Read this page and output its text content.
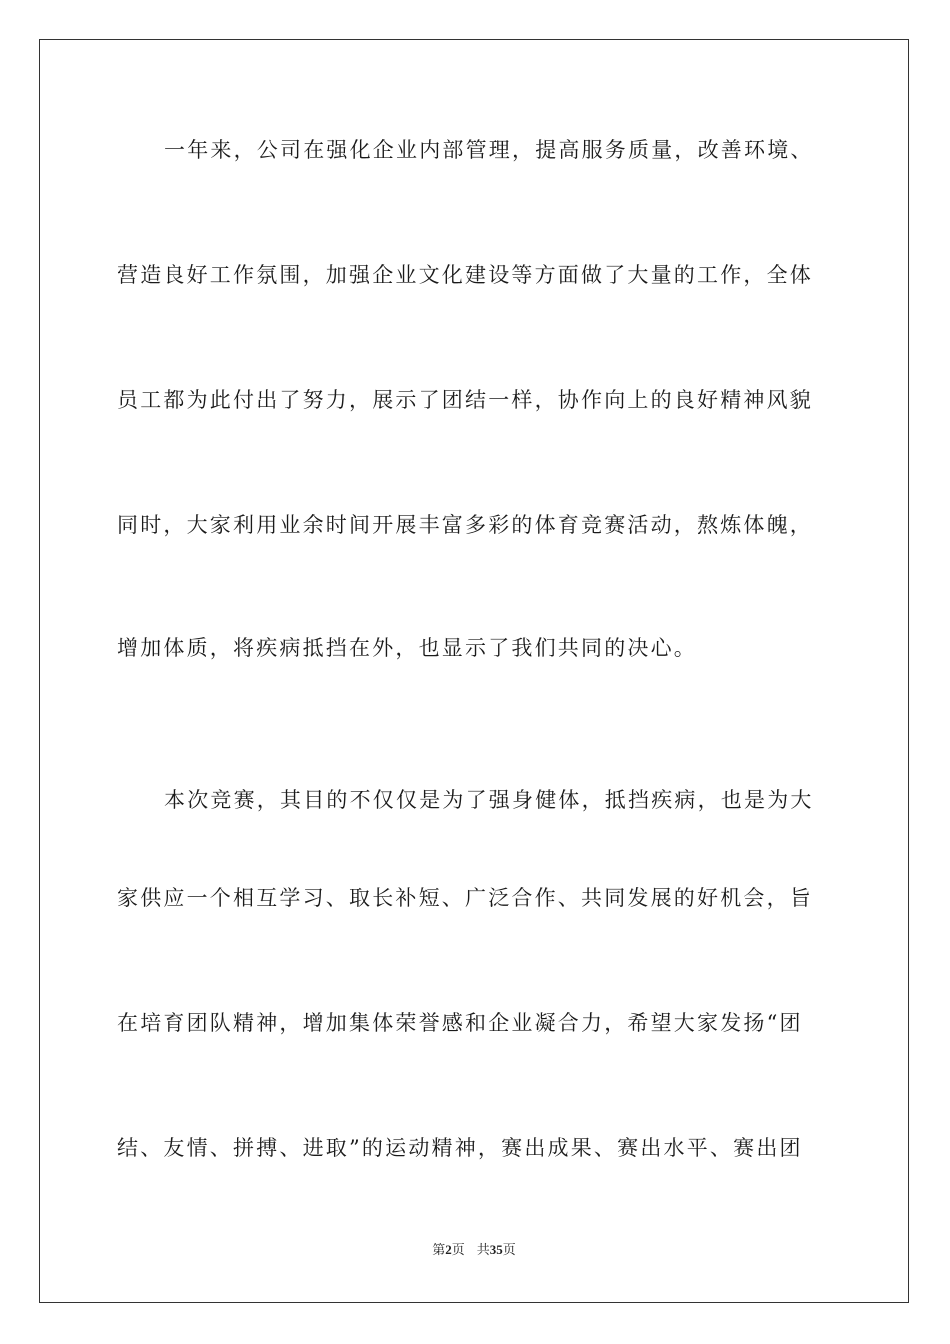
一年来，公司在强化企业内部管理，提高服务质量，改善环境、
营造良好工作氛围，加强企业文化建设等方面做了大量的工作，全体
员工都为此付出了努力，展示了团结一样，协作向上的良好精神风貌
同时，大家利用业余时间开展丰富多彩的体育竞赛活动，熬炼体魄，
增加体质，将疾病抵挡在外，也显示了我们共同的决心。
本次竞赛，其目的不仅仅是为了强身健体，抵挡疾病，也是为大
家供应一个相互学习、取长补短、广泛合作、共同发展的好机会，旨
在培育团队精神，增加集体荣誉感和企业凝合力，希望大家发扬“团
结、友情、拼搏、进取”的运动精神，赛出成果、赛出水平、赛出团
第2页 共35页
